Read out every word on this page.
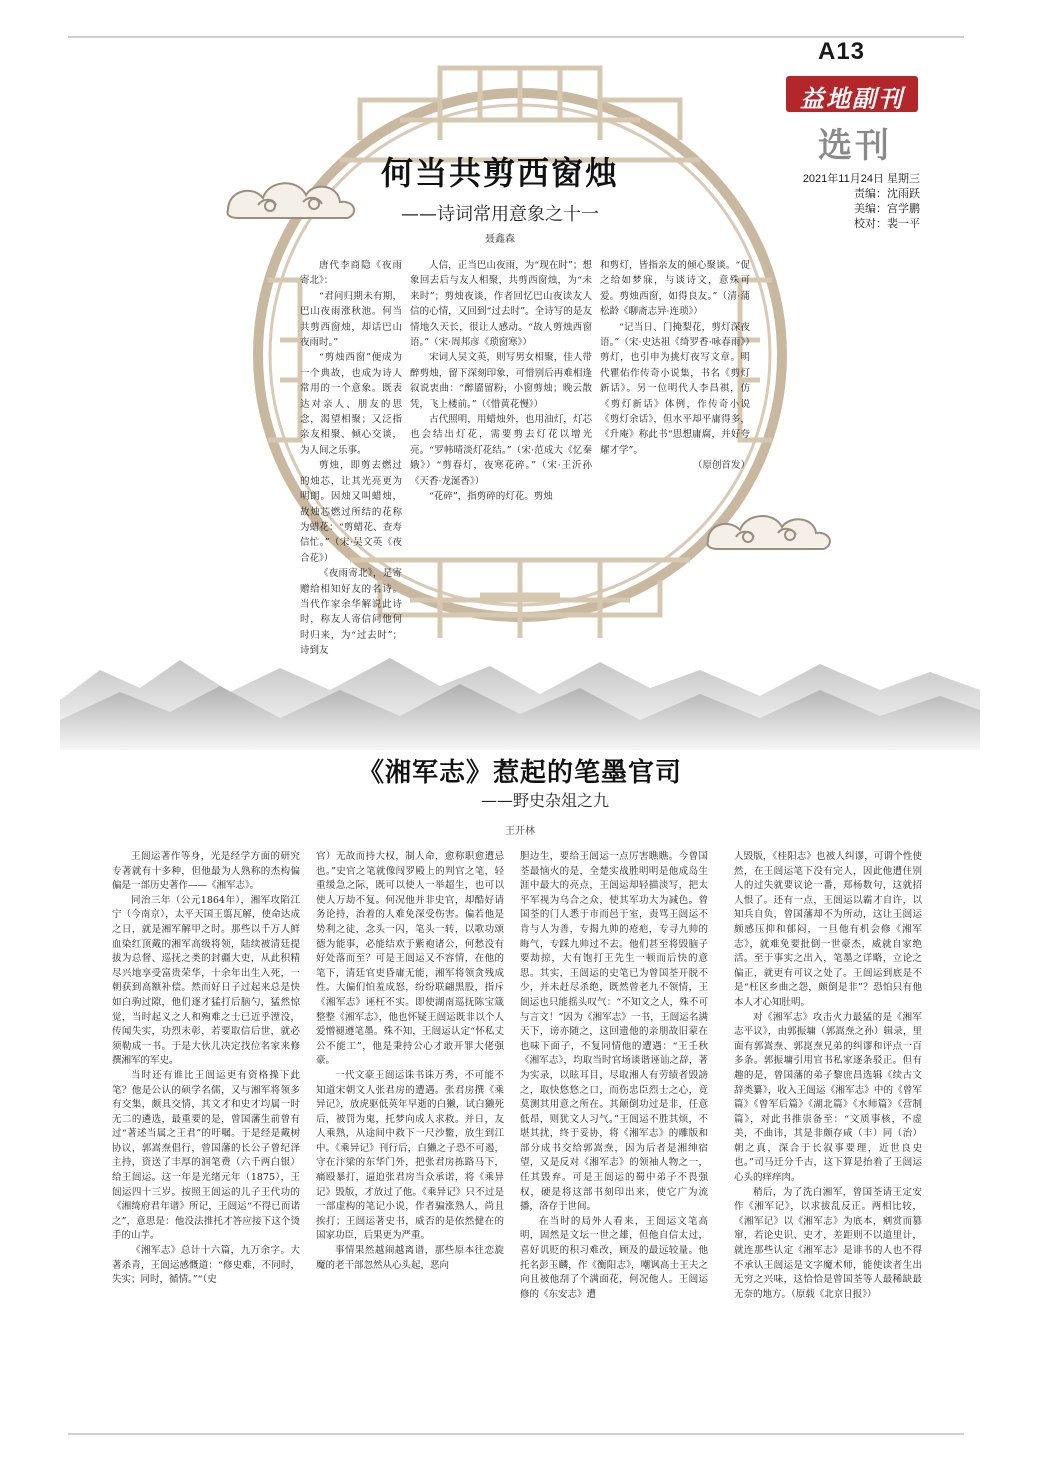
A13
益地副刊
选刊
2021年11月24日 星期三
责编：沈雨跃
美编：宫学鹏
校对：裴一平
何当共剪西窗烛
——诗词常用意象之十一
聂鑫森

唐代李商隐《夜雨寄北》：

“君问归期未有期，巴山夜雨涨秋池。何当共剪西窗烛，却话巴山夜雨时。”

“剪烛西窗”便成为一个典故，也成为诗人常用的一个意象。既表达对亲人、朋友的思念，渴望相聚；又泛指亲友相聚、倾心交谈，为人间之乐事。

剪烛，即剪去燃过的烛芯，让其光亮更为明朗。因烛又叫蜡烛，故烛芯燃过所结的花称为蜡花：“剪蜡花、查寿信忙。”（宋·吴文英《夜合花》）

《夜雨寄北》，是寄赠给相知好友的名诗。当代作家余华解说此诗时，称友人寄信问他何时归来，为“过去时”；诗到友

人信，正当巴山夜雨，为“现在时”；想象回去后与友人相聚，共剪西窗烛，为“未来时”；剪烛夜谈，作者回忆巴山夜读友人信的心情，又回到“过去时”。全诗写的是友情地久天长，很让人感动。“故人剪烛西窗语。”（宋·周邦彦《琐窗寒》）

宋词人吴文英，则写男女相聚，佳人带醉剪烛，留下深刻印象，可惜别后再难相逢叙说衷曲：“醉靥留粉，小窗剪烛；晚云散凭，飞上楼前。”（《惜黄花慢》）

古代照明，用蜡烛外，也用油灯，灯芯也会结出灯花，需要剪去灯花以增光亮。“罗帏晴淡灯花结。”（宋·范成大《忆秦娥》）“剪春灯，夜寒花碎。”（宋·王沂孙《天香·龙涎香》）

“花碎”，指剪碎的灯花。剪烛

和剪灯，皆指亲友的倾心聚谈。“促之给如梦寐，与谈诗文，意殊可爱。剪烛西窗，如得良友。”（清·蒲松龄《聊斋志异·连琐》）

“记当日、门掩梨花，剪灯深夜语。”（宋·史达祖《绮罗香·咏春雨》）剪灯，也引申为挑灯夜写文章。明代瞿佑作传奇小说集，书名《剪灯新话》。另一位明代人李昌祺，仿《剪灯新话》体例，作传奇小说《剪灯余话》，但水平却平庸得多，《升庵》称此书“思想庸腐，并好夸耀才学”。

（原创首发）

《湘军志》惹起的笔墨官司
——野史杂俎之九
王开林

王闿运著作等身，光是经学方面的研究专著就有十多种，但他最为人熟称的杰构偏偏是一部历史著作——《湘军志》。

同治三年（公元1864年），湘军攻陷江宁（今南京），太平天国王翦瓦解，使命达成之日，就是湘军解甲之时。那些以千万人鲜血染红顶戴的湘军高级将领，陆续被清廷提拔为总督、巡抚之类的封疆大吏，从此积精尽兴地享受富贵荣华，十余年出生入死，一朝获到高额补偿。然而好日子过起来总是快如白驹过隙，他们逐才猛打后脑勺，猛然惊觉，当时起义之人和殉难之士已近乎湮没，传闻失实，功烈未彰，若要取信后世，就必须勒成一书。于是大伙儿决定找位名家来修撰湘军的军史。

当时还有谁比王闿运更有资格操下此笔？他是公认的硕学名儒，又与湘军将领多有交集，颇具交情，其文才和史才均属一时无二的遴选，最重要的是，曾国藩生前曾有过“著述当属之王君”的吁嘱。于是经是戴树协议，郭嵩焘倡行，曾国藩的长公子曾纪泽主持，资送了丰厚的润笔费（六千两白银）给王闿运。这一年是光绪元年（1875），王闿运四十三岁。按照王闿运的儿子王代功的《湘绮府君年谱》所记，王闿运“不得已而诺之”，意思是：他没法推托才答应接下这个烫手的山芋。

《湘军志》总计十六篇，九万余字。大著杀青，王闿运感慨道：“修史难，不同时，失实；同时，循情。”“（史

官）无故而持大权，制人命，愈称职愈遭忌也。”史官之笔就像闯罗殿上的判官之笔，轻重缓急之际，既可以使人一举超生，也可以使人万劫不复。何况他并非史官，却酷好请务论持，治着的人难免深受伤害。偏若他是势利之徒，念头一闪，笔头一转，以歌功颂德为能事，必能结欢于紫袍诸公，何愁没有好处落而至？可是王闿运又不容情，在他的笔下，清廷官吏昏庸无能，湘军将领贪残成性。大偏们怕羞成怒，纷纷联翩黑股，指斥《湘军志》诬枉不实。即使湖南巡抚陈宝箴整整《湘军志》，他也怀疑王闿运既非以个人爱憎褪遵笔墨。殊不知，王闿运认定“怀私丈公不能工”，他是秉持公心才敢开罪大佬强豪。

一代文豪王闿运诛书诛万秀，不可能不知道宋朝文人张君房的遭遇。张君房撰《乘异记》，放虎驱低英年早逝的白獭，试白獭死后，被罚为鬼，托梦向成人求救。并日，友人乘熟，从途间中救下一尺沙鳖，放生到江中。《乘异记》刊行后，白獭之子恐不可遏，守在汴梁的东华门外，把张君房拣路马下，痛殴暴打，逼迫张君房当众承诺，将《乘异记》毁版，才放过了他。《乘异记》只不过是一部虚构的笔记小说，作者骗涨熟人，尚且挨打；王闿运著史书，威否的是依然健在的国家功臣，后果更为严重。

事情果然越闹越离谱，那些原本往恋旋魔的老干部忽然从心头起，恶向

胆边生，要给王闿运一点厉害瞧瞧。今曾国荃最恼火的是，全楚实战胜明明是他成岛生涯中最大的亮点，王闿运却轻描淡写，把太平军视为乌合之众，使其军功大为减色。曾国荃的门人悉于市而邑于室，责骂王闿运不肯与人为善，专揭九帅的疮疤，专寻九帅的晦气，专踩九帅过不去。他们甚至将毁脑子要劫掠，大有饱打王先生一顿而后快的意思。其实，王闿运的史笔已为曾国荃开脱不少，并未赶尽杀绝，既然曾老九不领情，王闿运也只能摇头叹气：“不知文之人，殊不可与言文！”因为《湘军志》一书，王闿运名满天下，谤亦随之，这回遗他的亲朋故旧蒙在也味下面子，不复同情他的遭遇：“王壬秋《湘军志》，均取当时官场谈谐诬讪之辞，著为实录，以眩耳目，尽取湘人有劳绩者毁謗之，取快悠悠之口，而伤忠臣烈士之心，竟莫测其用意之所在。其颠倒功过是非，任意低昂，则犹文人习气。”王闿运不胜其烦，不堪其扰，终于妥协，将《湘军志》的雕版和部分成书交给郭嵩焘，因为后者是湘绅宿望，又是反对《湘军志》的领袖人物之一，任其毁弃。可是王闿运的蜀中弟子不畏强权，硬是将这部书刻印出来，使它广为流播，洛存于世间。

在当时的局外人看来，王闿运文笔高明，固然是文坛一世之雄，但他自信太过，喜好讥贬的积习难改，顾及的最远较量。他托名彭玉麟，作《衡阳志》，嘲讽高士王夫之向且被他刮了个满面花，何况他人。王闿运修的《东安志》遭

人毁版，《桂阳志》也被人纠谬，可谓个性使然，在王闿运笔下没有完人，因此他遭住别人的过失就要议论一番，郑杨数句，这就招人恨了。还有一点，王闿运以霸才自许，以知兵自负，曾国藩却不为所动，这让王闿运颇感压抑和郁闷，一旦他有机会修《湘军志》，就难免要批倒一世豪杰，威就自家绝活。至于事实之出入，笔墨之详略，立论之偏正，就更有可议之处了。王闿运到底是不是“枉区乡曲之怨，颇倒是非”？恐怕只有他本人才心知肚明。

对《湘军志》攻击火力最猛的是《湘军志平议》，由郭振墉（郭嵩焘之孙）辑录，里面有郭嵩焘、郭崑焘兄弟的纠谬和评点一百多条。郭振墉引用官书私家逐条驳正。但有趣的是，曾国藩的弟子黎庶昌选辑《续古文辞类纂》，收入王闿运《湘军志》中的《曾军篇》《曾军后篇》《湖北篇》《水师篇》《营制篇》，对此书推崇备至：“文质事核，不虚美，不曲讳，其是非颇存咸（丰）同（治）朝之真，深合于长叙事要理，近世良史也。”司马迁分千古，这下算是抬着了王闿运心头的痒痒肉。

稍后，为了洗白湘军，曾国荃请王定安作《湘军记》，以求拔乱反正。两相比较，《湘军记》以《湘军志》为底本，剜赏而篡窜，若论史识、史才，差距则不以道里计，就连那些认定《湘军志》是诽书的人也不得不承认王闿运是文字魔术师，能使读者生出无穷之兴味，这恰恰是曾国荃等人最稀缺最无奈的地方。（原载《北京日报》）
